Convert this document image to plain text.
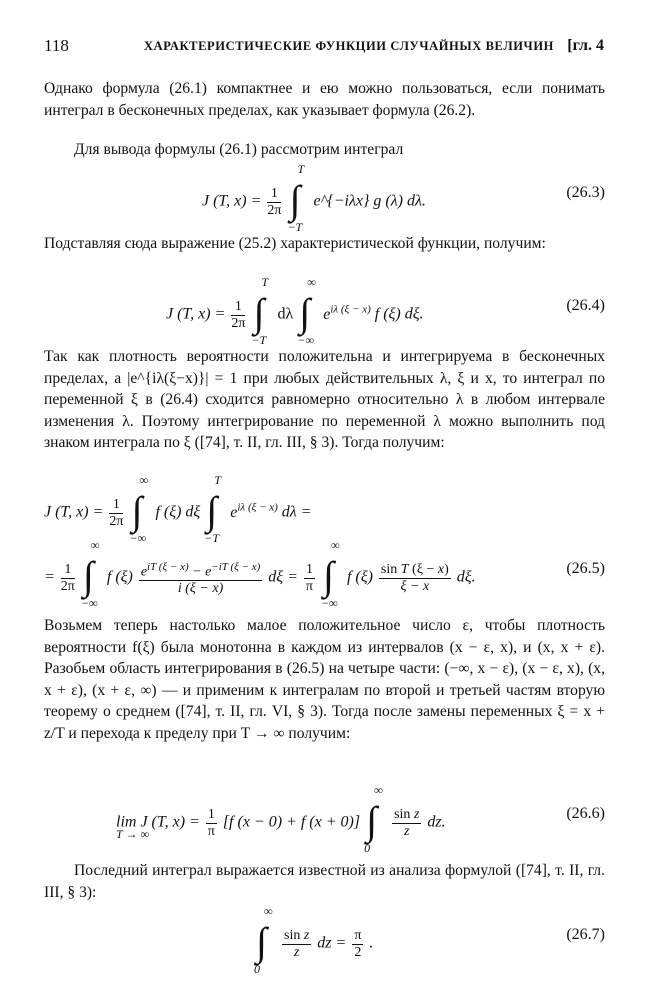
118	ХАРАКТЕРИСТИЧЕСКИЕ ФУНКЦИИ СЛУЧАЙНЫХ ВЕЛИЧИН [гл. 4

Однако формула (26.1) компактнее и ею можно пользоваться, если понимать интеграл в бесконечных пределах, как указывает формула (26.2).

Для вывода формулы (26.1) рассмотрим интеграл

J (T, $x) = \frac{1}{2\pi}$
∫
T
−T
e^{−iλx} g (λ) dλ.
(26.3)

Подставляя сюда выражение (25.2) характеристической функции, получим:

J (T, $x) = \frac{1}{2\pi}$
∫
T
−T
dλ ∫
∞
−∞
$e^{i\lambda (\xi - x)}$ f (ξ) dξ.
(26.4)

Так как плотность вероятности положительна и интегрируема в бесконечных пределах, а |e^{iλ(ξ−x)}| = 1 при любых действительных λ, ξ и x, то интеграл по переменной ξ в (26.4) сходится равномерно относительно λ в любом интервале изменения λ. Поэтому интегрирование по переменной λ можно выполнить под знаком интеграла по ξ ([74], т. II, гл. III, § 3). Тогда получим:

J (T, $x) = \frac{1}{2\pi}$
∫
∞
−∞
f (ξ) dξ ∫
T
−T
$e^{i\lambda (\xi - x)}$ dλ =
= $\frac{1}{2\pi}$
∫
∞
−∞
f $(\xi) \frac{e^{iT (\xi - x)} - e^{-iT (\xi - x)}}{i (\xi - x)}$ $d\xi = \frac{1}{\pi}$
∫
∞
−∞
f $(\xi) \frac{\text{sin T (ξ − x)}}{\xi - x} d\xi$.
(26.5)

Возьмем теперь настолько малое положительное число ε, чтобы плотность вероятности f(ξ) была монотонна в каждом из интервалов (x − ε, x), и (x, x + ε). Разобьем область интегрирования в (26.5) на четыре части: (−∞, x − ε), (x − ε, x), (x, x + ε), (x + ε, ∞) — и применим к интегралам по второй и третьей частям вторую теорему о среднем ([74], т. II, гл. VI, § 3). Тогда после замены переменных ξ = x + z/T и перехода к пределу при T → ∞ получим:

lim J (T, $x) = \frac{1}{\pi} [f$ (x − 0) + f (x + 0)] ∫
∞
0

$\frac{\text{sin z}}{z}$ dz.
T → ∞
(26.6)

Последний интеграл выражается известной из анализа формулой ([74], т. II, гл. III, § 3):

∫
∞
0

$\frac{\text{sin z}}{z}$ dz = $\frac{\pi}{2}$ .
(26.7)
